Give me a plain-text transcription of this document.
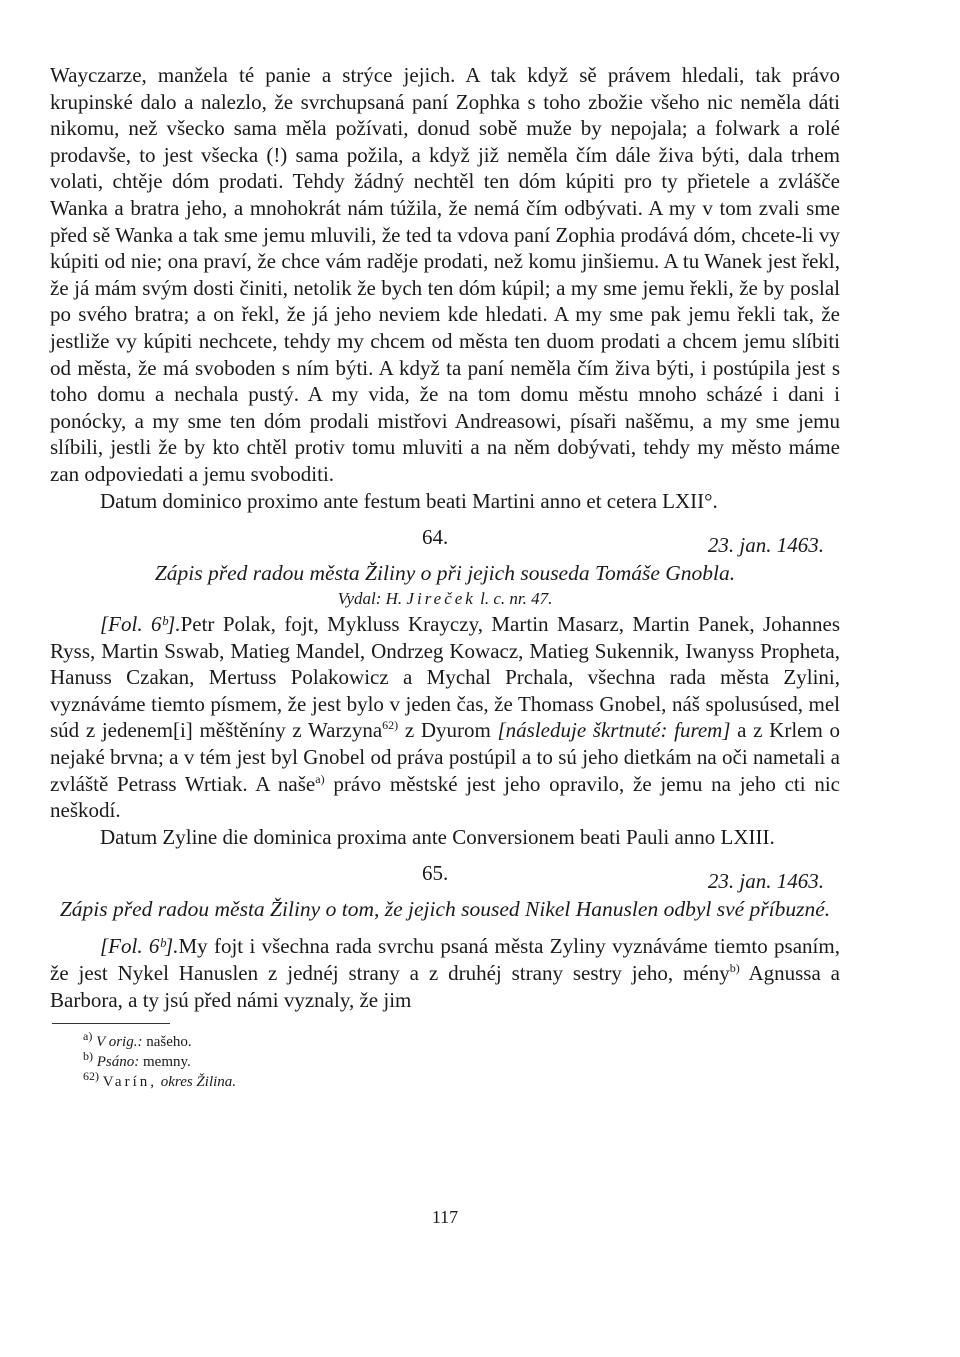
Wayczarze, manžela té panie a strýce jejich. A tak když sě právem hledali, tak právo krupinské dalo a nalezlo, že svrchupsaná paní Zophka s toho zbožie všeho nic neměla dáti nikomu, než všecko sama měla požívati, donud sobě muže by nepojala; a folwark a rolé prodavše, to jest všecka (!) sama požila, a když již neměla čím dále živa býti, dala trhem volati, chtěje dóm prodati. Tehdy žádný nechtěl ten dóm kúpiti pro ty přietele a zvlášče Wanka a bratra jeho, a mnohokrát nám túžila, že nemá čím odbývati. A my v tom zvali sme před sě Wanka a tak sme jemu mluvili, že ted ta vdova paní Zophia prodává dóm, chcete-li vy kúpiti od nie; ona praví, že chce vám raděje prodati, než komu jinšiemu. A tu Wanek jest řekl, že já mám svým dosti činiti, netolik že bych ten dóm kúpil; a my sme jemu řekli, že by poslal po svého bratra; a on řekl, že já jeho neviem kde hledati. A my sme pak jemu řekli tak, že jestliže vy kúpiti nechcete, tehdy my chcem od města ten duom prodati a chcem jemu slíbiti od města, že má svoboden s ním býti. A když ta paní neměla čím živa býti, i postúpila jest s toho domu a nechala pustý. A my vida, že na tom domu městu mnoho scházé i dani i ponócky, a my sme ten dóm prodali mistřovi Andreasowi, písaři našěmu, a my sme jemu slíbili, jestli že by kto chtěl protiv tomu mluviti a na něm dobývati, tehdy my město máme zan odpoviedati a jemu svoboditi.

Datum dominico proximo ante festum beati Martini anno et cetera LXII°.

64.	23. jan. 1463.
Zápis před radou města Žiliny o při jejich souseda Tomáše Gnobla.
Vydal: H. Jireček l. c. nr. 47.

[Fol. 6ᵇ].Petr Polak, fojt, Mykluss Krayczy, Martin Masarz, Martin Panek, Johannes Ryss, Martin Sswab, Matieg Mandel, Ondrzeg Kowacz, Matieg Sukennik, Iwanyss Propheta, Hanuss Czakan, Mertuss Polakowicz a Mychal Prchala, všechna rada města Zylini, vyznáváme tiemto písmem, že jest bylo v jeden čas, že Thomass Gnobel, náš spolusúsed, mel súd z jedenem[i] měštěníny z Warzyna$^{62)}$ z Dyurom [následuje škrtnuté: furem] a z Krlem o nejaké brvna; a v tém jest byl Gnobel od práva postúpil a to sú jeho dietkám na oči nametali a zvláště Petrass Wrtiak. A naše$^{a)}$ právo městské jest jeho opravilo, že jemu na jeho cti nic neškodí.

Datum Zyline die dominica proxima ante Conversionem beati Pauli anno LXIII.

65.	23. jan. 1463.
Zápis před radou města Žiliny o tom, že jejich soused Nikel Hanuslen odbyl své příbuzné.

[Fol. 6ᵇ].My fojt i všechna rada svrchu psaná města Zyliny vyznáváme tiemto psaním, že jest Nykel Hanuslen z jednéj strany a z druhéj strany sestry jeho, mény$^{b)}$ Agnussa a Barbora, a ty jsú před námi vyznaly, že jim

$^{a)}$ V orig.: našeho.
$^{b)}$ Psáno: memny.
$^{62)}$ Varín, okres Žilina.
117
